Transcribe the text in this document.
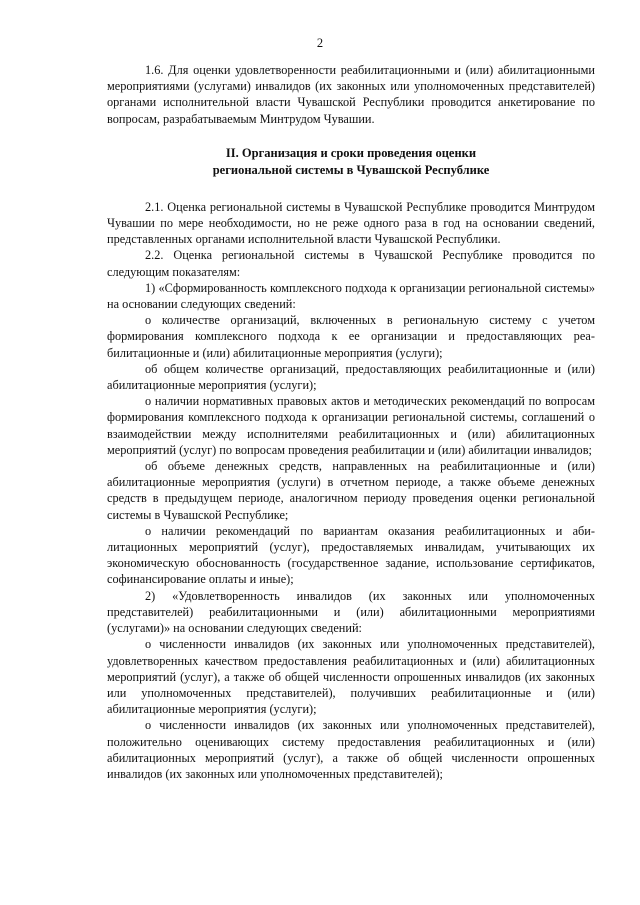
2

1.6. Для оценки удовлетворенности реабилитационными и (или) абилитационными мероприятиями (услугами) инвалидов (их законных или уполномоченных представителей) органами исполнительной власти Чувашской Республики проводится анкетирование по вопросам, разрабатываемым Минтрудом Чувашии.

II. Организация и сроки проведения оценки

региональной системы в Чувашской Республике

2.1. Оценка региональной системы в Чувашской Республике проводится Минтрудом Чувашии по мере необходимости, но не реже одного раза в год на основании сведений, представленных органами исполнительной власти Чувашской Республики.

2.2. Оценка региональной системы в Чувашской Республике проводится по следующим показателям:

1) «Сформированность комплексного подхода к организации региональной системы» на основании следующих сведений:

о количестве организаций, включенных в региональную систему с учетом формирования комплексного подхода к ее организации и предоставляющих реабилитационные и (или) абилитационные мероприятия (услуги);

об общем количестве организаций, предоставляющих реабилитационные и (или) абилитационные мероприятия (услуги);

о наличии нормативных правовых актов и методических рекомендаций по вопросам формирования комплексного подхода к организации региональной системы, соглашений о взаимодействии между исполнителями реабилитационных и (или) абилитационных мероприятий (услуг) по вопросам проведения реабилитации и (или) абилитации инвалидов;

об объеме денежных средств, направленных на реабилитационные и (или) абилитационные мероприятия (услуги) в отчетном периоде, а также объеме денежных средств в предыдущем периоде, аналогичном периоду проведения оценки региональной системы в Чувашской Республике;

о наличии рекомендаций по вариантам оказания реабилитационных и абилитационных мероприятий (услуг), предоставляемых инвалидам, учитывающих их экономическую обоснованность (государственное задание, использование сертификатов, софинансирование оплаты и иные);

2) «Удовлетворенность инвалидов (их законных или уполномоченных представителей) реабилитационными и (или) абилитационными мероприятиями (услугами)» на основании следующих сведений:

о численности инвалидов (их законных или уполномоченных представителей), удовлетворенных качеством предоставления реабилитационных и (или) абилитационных мероприятий (услуг), а также об общей численности опрошенных инвалидов (их законных или уполномоченных представителей), получивших реабилитационные и (или) абилитационные мероприятия (услуги);

о численности инвалидов (их законных или уполномоченных представителей), положительно оценивающих систему предоставления реабилитационных и (или) абилитационных мероприятий (услуг), а также об общей численности опрошенных инвалидов (их законных или уполномоченных представителей);
